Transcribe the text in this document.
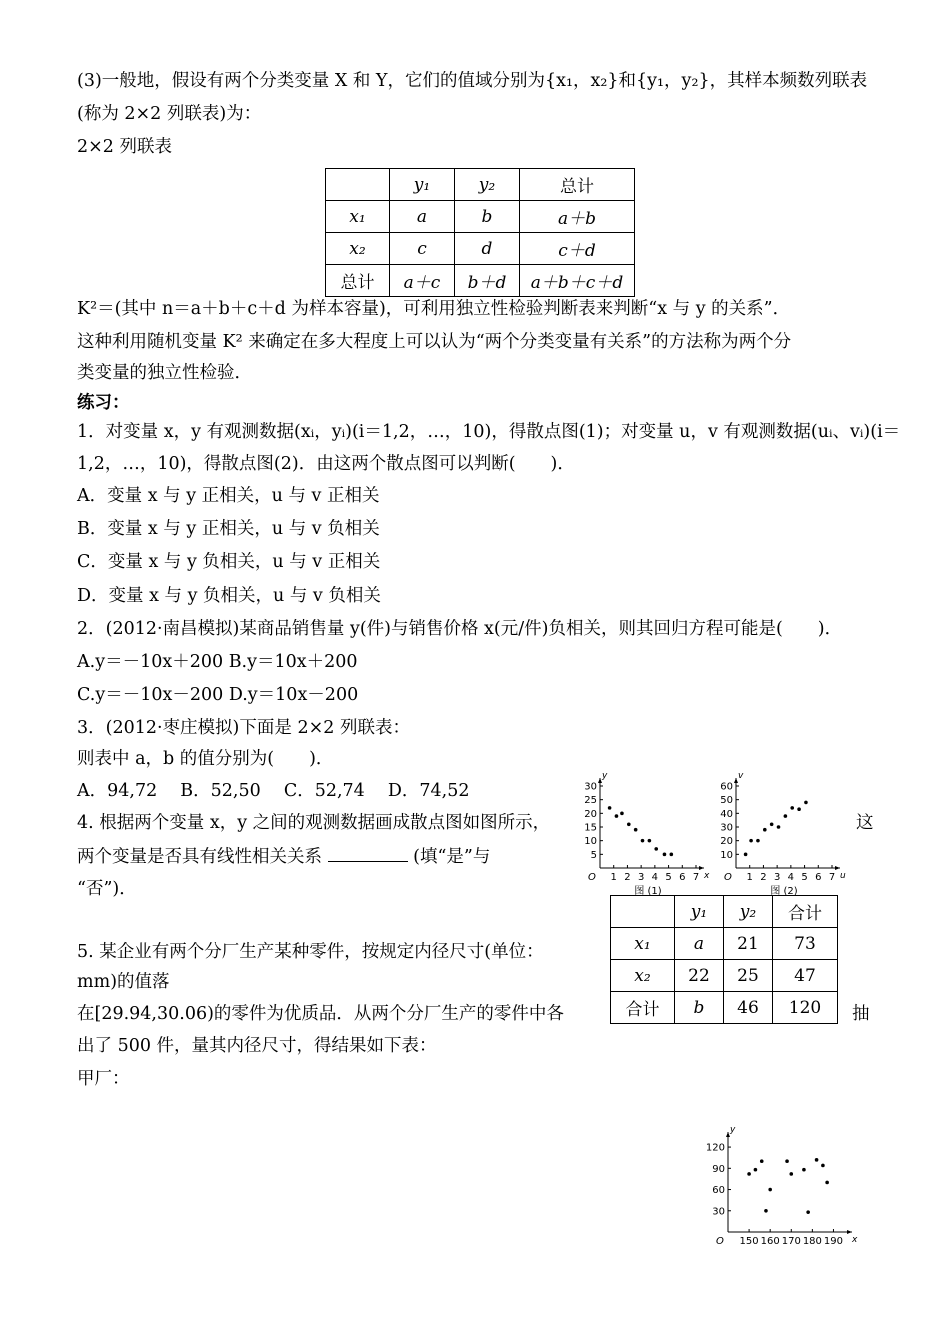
(3)一般地，假设有两个分类变量 X 和 Y，它们的值域分别为{x₁，x₂}和{y₁，y₂}，其样本频数列联表
(称为 2×2 列联表)为：
2×2 列联表
	y₁	y₂	总计
x₁	a	b	a＋b
x₂	c	d	c＋d
总计	a＋c	b＋d	a＋b＋c＋d
K²＝(其中 n＝a＋b＋c＋d 为样本容量)，可利用独立性检验判断表来判断“x 与 y 的关系”．
这种利用随机变量 K² 来确定在多大程度上可以认为“两个分类变量有关系”的方法称为两个分
类变量的独立性检验．
练习：
1．对变量 x，y 有观测数据(xᵢ，yᵢ)(i＝1,2，…，10)，得散点图(1)；对变量 u，v 有观测数据(uᵢ、vᵢ)(i＝
1,2，…，10)，得散点图(2)．由这两个散点图可以判断(　　)．
A．变量 x 与 y 正相关，u 与 v 正相关
B．变量 x 与 y 正相关，u 与 v 负相关
C．变量 x 与 y 负相关，u 与 v 正相关
D．变量 x 与 y 负相关，u 与 v 负相关
2．(2012·南昌模拟)某商品销售量 y(件)与销售价格 x(元/件)负相关，则其回归方程可能是(　　)．
A.y＝－10x＋200 B.y＝10x＋200
C.y＝－10x－200 D.y＝10x－200
3．(2012·枣庄模拟)下面是 2×2 列联表：
则表中 a，b 的值分别为(　　)．
A．94,72　 B．52,50　 C．52,74　 D．74,52
4. 根据两个变量 x，y 之间的观测数据画成散点图如图所示，	这
两个变量是否具有线性相关关系	(填“是”与
“否”)．
y
x
O
30
25
20
15
10
5
1 2 3 4 5 6 7
图 (1)
v
u
O
60
50
40
30
20
10
1 2 3 4 5 6 7
图 (2)
	y₁	y₂	合计
x₁	a	21	73
x₂	22	25	47
合计	b	46	120
5. 某企业有两个分厂生产某种零件，按规定内径尺寸(单位：
mm)的值落
在[29.94,30.06)的零件为优质品．从两个分厂生产的零件中各	抽
出了 500 件，量其内径尺寸，得结果如下表：
甲厂：
y
x
O
120
90
60
30
150 160 170 180 190
